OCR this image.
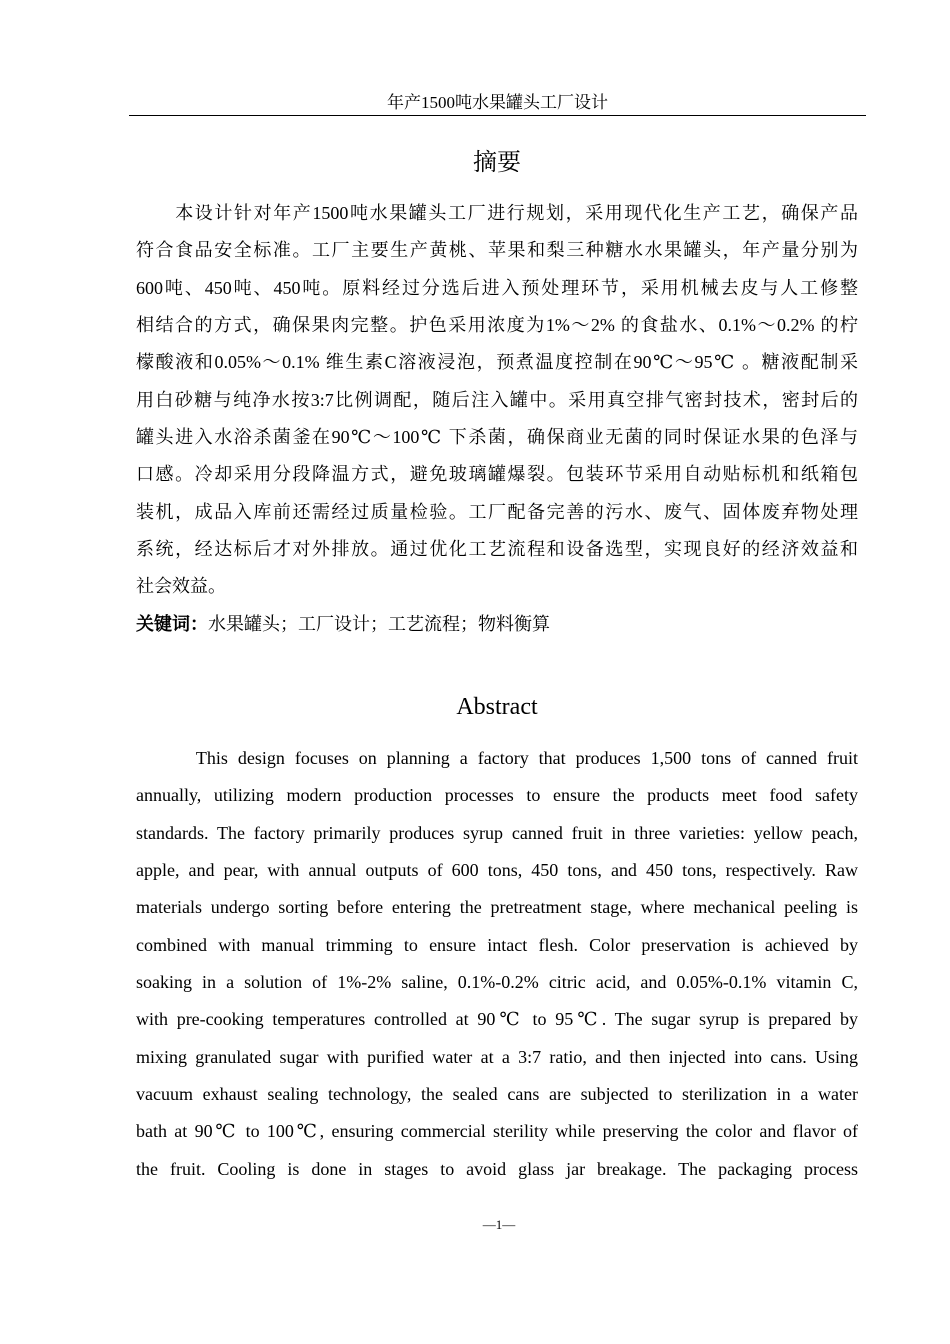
年产1500吨水果罐头工厂设计
摘要
　　本设计针对年产1500吨水果罐头工厂进行规划，采用现代化生产工艺，确保产品
符合食品安全标准。工厂主要生产黄桃、苹果和梨三种糖水水果罐头，年产量分别为
600吨、450吨、450吨。原料经过分选后进入预处理环节，采用机械去皮与人工修整
相结合的方式，确保果肉完整。护色采用浓度为1%～2% 的食盐水、0.1%～0.2% 的柠
檬酸液和0.05%～0.1% 维生素C溶液浸泡，预煮温度控制在90℃～95℃ 。糖液配制采
用白砂糖与纯净水按3:7比例调配，随后注入罐中。采用真空排气密封技术，密封后的
罐头进入水浴杀菌釜在90℃～100℃ 下杀菌，确保商业无菌的同时保证水果的色泽与
口感。冷却采用分段降温方式，避免玻璃罐爆裂。包装环节采用自动贴标机和纸箱包
装机，成品入库前还需经过质量检验。工厂配备完善的污水、废气、固体废弃物处理
系统，经达标后才对外排放。通过优化工艺流程和设备选型，实现良好的经济效益和
社会效益。
关键词：水果罐头；工厂设计；工艺流程；物料衡算
Abstract
This design focuses on planning a factory that produces 1,500 tons of canned fruit
annually, utilizing modern production processes to ensure the products meet food safety
standards. The factory primarily produces syrup canned fruit in three varieties: yellow peach,
apple, and pear, with annual outputs of 600 tons, 450 tons, and 450 tons, respectively. Raw
materials undergo sorting before entering the pretreatment stage, where mechanical peeling is
combined with manual trimming to ensure intact flesh. Color preservation is achieved by
soaking in a solution of 1%-2% saline, 0.1%-0.2% citric acid, and 0.05%-0.1% vitamin C,
with pre-cooking temperatures controlled at 90℃ to 95℃. The sugar syrup is prepared by
mixing granulated sugar with purified water at a 3:7 ratio, and then injected into cans. Using
vacuum exhaust sealing technology, the sealed cans are subjected to sterilization in a water
bath at 90℃ to 100℃, ensuring commercial sterility while preserving the color and flavor of
the fruit. Cooling is done in stages to avoid glass jar breakage. The packaging process
—1—
